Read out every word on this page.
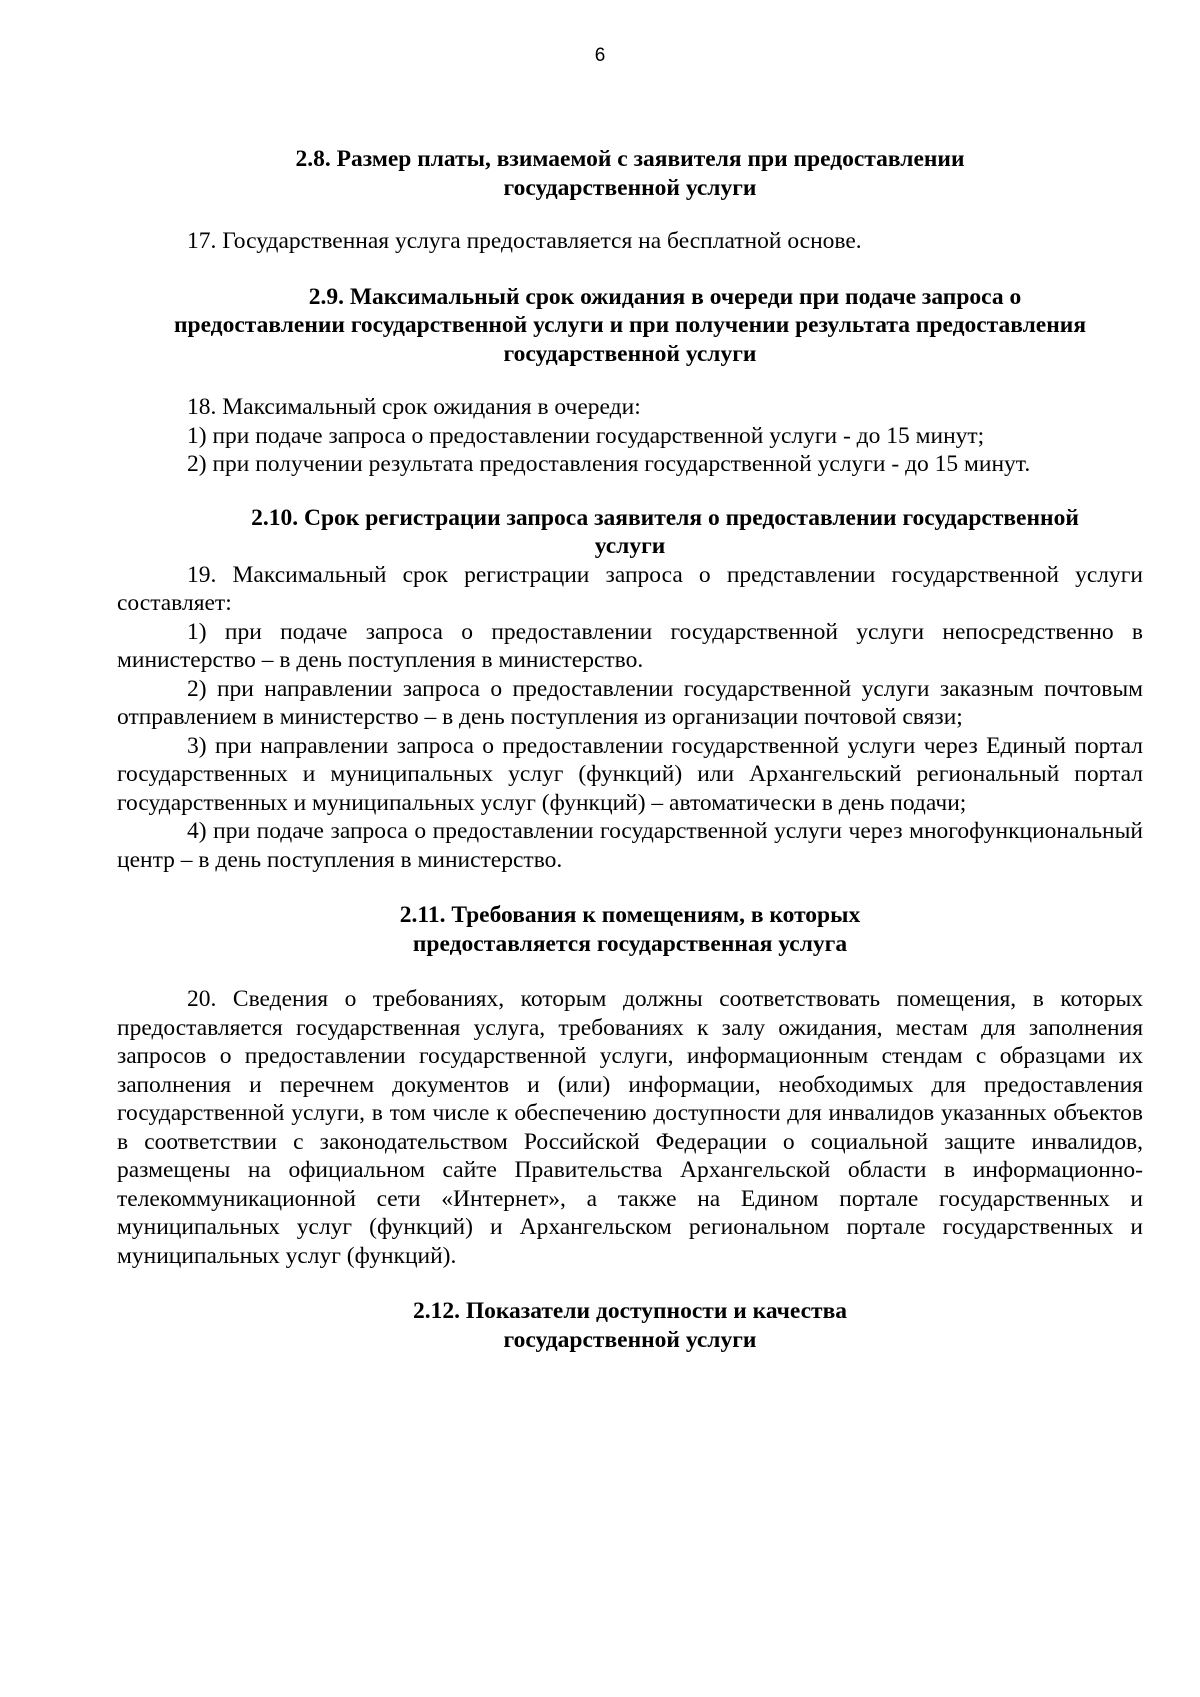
6
2.8. Размер платы, взимаемой с заявителя при предоставлении
государственной услуги

17. Государственная услуга предоставляется на бесплатной основе.

2.9. Максимальный срок ожидания в очереди при подаче запроса о
предоставлении государственной услуги и при получении результата предоставления
государственной услуги

18. Максимальный срок ожидания в очереди:

1) при подаче запроса о предоставлении государственной услуги - до 15 минут;

2) при получении результата предоставления государственной услуги - до 15 минут.

2.10. Срок регистрации запроса заявителя о предоставлении государственной
услуги

19. Максимальный срок регистрации запроса о представлении государственной услуги составляет:

1) при подаче запроса о предоставлении государственной услуги непосредственно в министерство – в день поступления в министерство.

2) при направлении запроса о предоставлении государственной услуги заказным почтовым отправлением в министерство – в день поступления из организации почтовой связи;

3) при направлении запроса о предоставлении государственной услуги через Единый портал государственных и муниципальных услуг (функций) или Архангельский региональный портал государственных и муниципальных услуг (функций) – автоматически в день подачи;

4) при подаче запроса о предоставлении государственной услуги через многофункциональный центр – в день поступления в министерство.

2.11. Требования к помещениям, в которых
предоставляется государственная услуга

20. Сведения о требованиях, которым должны соответствовать помещения, в которых предоставляется государственная услуга, требованиях к залу ожидания, местам для заполнения запросов о предоставлении государственной услуги, информационным стендам с образцами их заполнения и перечнем документов и (или) информации, необходимых для предоставления государственной услуги, в том числе к обеспечению доступности для инвалидов указанных объектов в соответствии с законодательством Российской Федерации о социальной защите инвалидов, размещены на официальном сайте Правительства Архангельской области в информационно-телекоммуникационной сети «Интернет», а также на Едином портале государственных и муниципальных услуг (функций) и Архангельском региональном портале государственных и муниципальных услуг (функций).

2.12. Показатели доступности и качества
государственной услуги
